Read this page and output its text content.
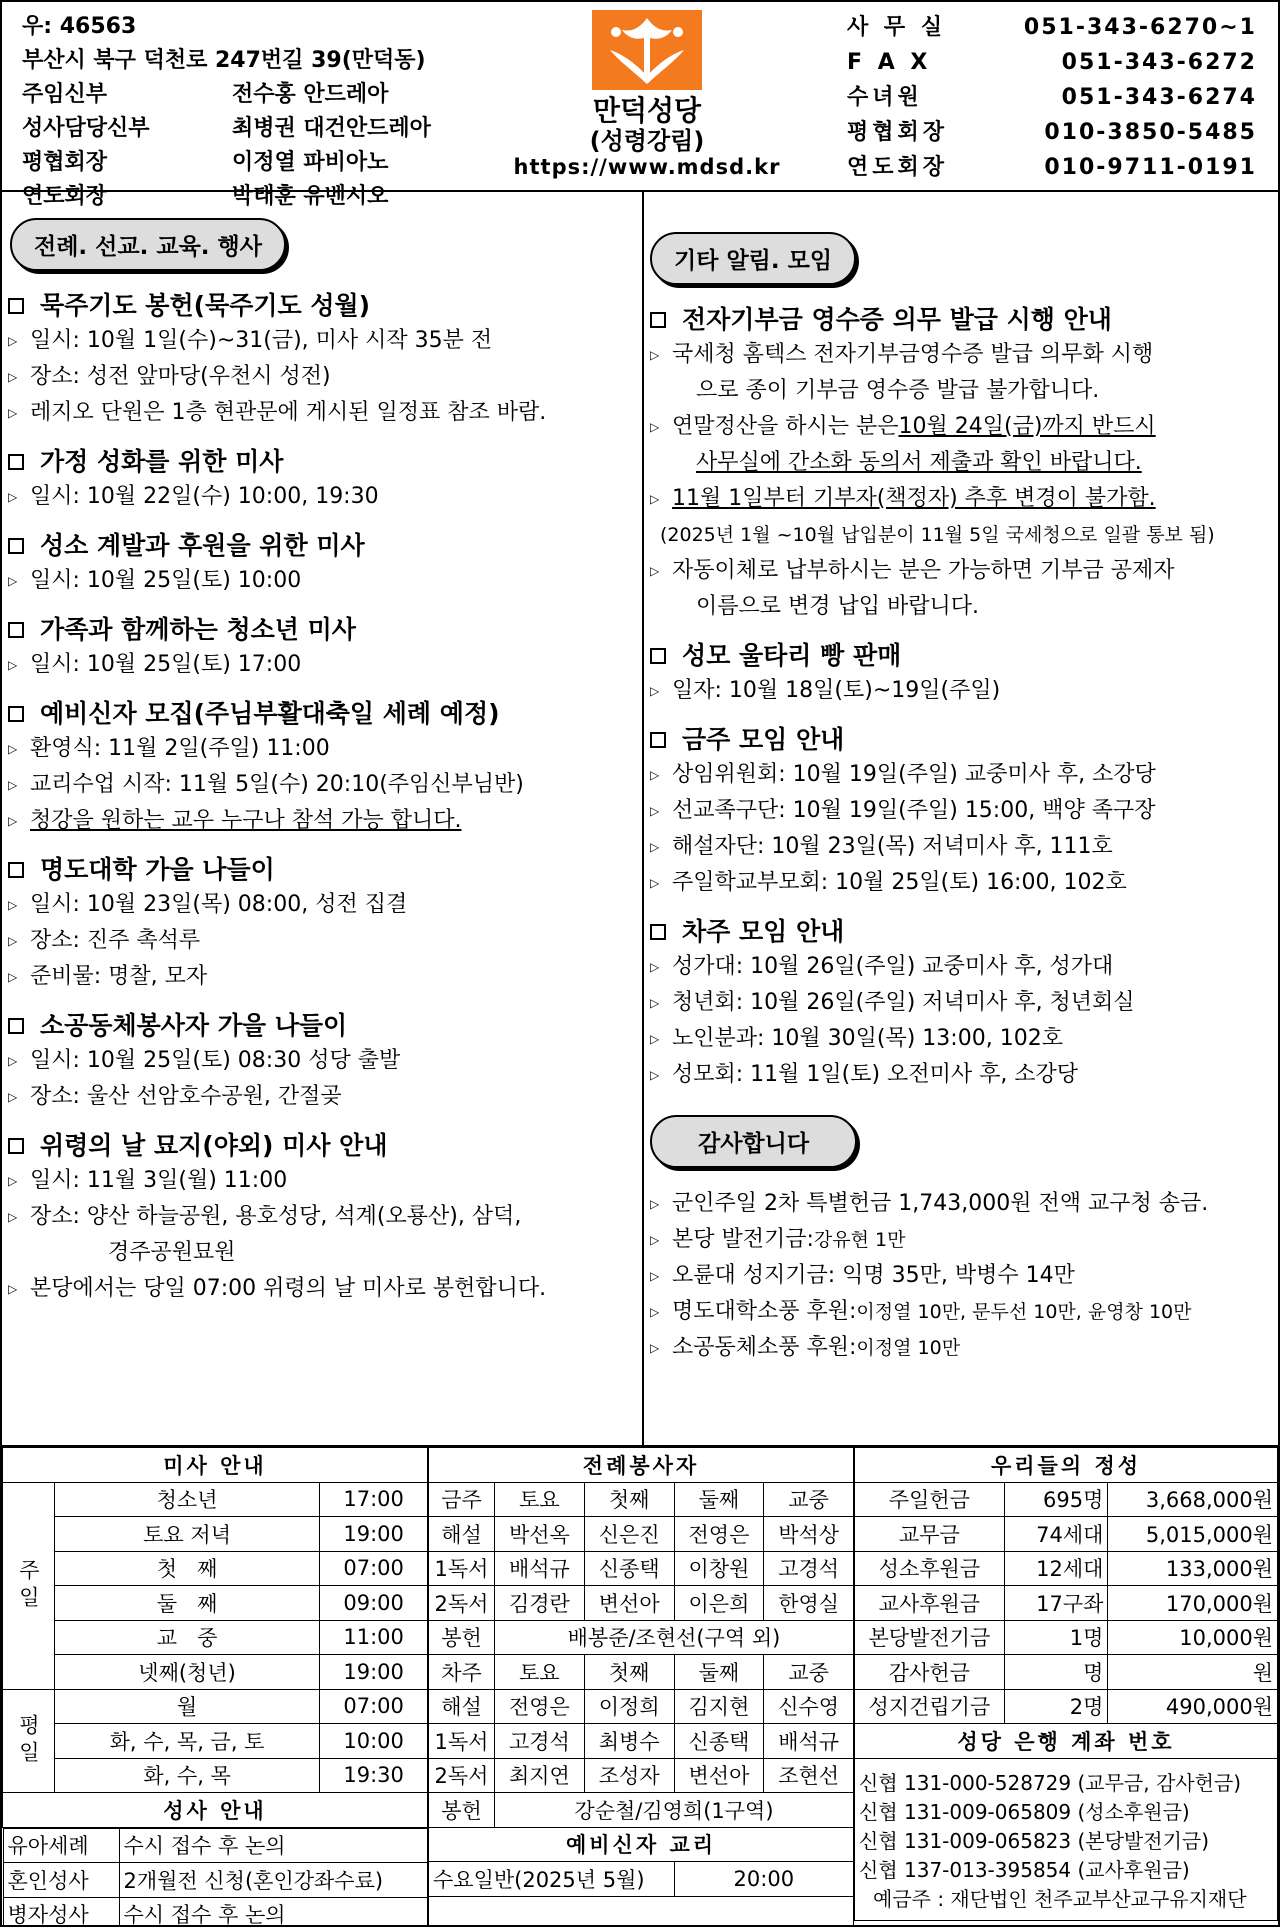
우: 46563
부산시 북구 덕천로 247번길 39(만덕동)
주임신부	전수홍 안드레아
성사담당신부	최병권 대건안드레아
평협회장	이정열 파비아노
연도회장	박태훈 유벤시오
만덕성당
(성령강림)
https://www.mdsd.kr
사 무 실	051-343-6270~1
F A X	051-343-6272
수녀원	051-343-6274
평협회장	010-3850-5485
연도회장	010-9711-0191
전례. 선교. 교육. 행사
묵주기도 봉헌(묵주기도 성월)
▷ 일시: 10월 1일(수)~31(금), 미사 시작 35분 전
▷ 장소: 성전 앞마당(우천시 성전)
▷ 레지오 단원은 1층 현관문에 게시된 일정표 참조 바람.
가정 성화를 위한 미사
▷ 일시: 10월 22일(수) 10:00, 19:30
성소 계발과 후원을 위한 미사
▷ 일시: 10월 25일(토) 10:00
가족과 함께하는 청소년 미사
▷ 일시: 10월 25일(토) 17:00
예비신자 모집(주님부활대축일 세례 예정)
▷ 환영식: 11월 2일(주일) 11:00
▷ 교리수업 시작: 11월 5일(수) 20:10(주임신부님반)
▷ 청강을 원하는 교우 누구나 참석 가능 합니다.
명도대학 가을 나들이
▷ 일시: 10월 23일(목) 08:00, 성전 집결
▷ 장소: 진주 촉석루
▷ 준비물: 명찰, 모자
소공동체봉사자 가을 나들이
▷ 일시: 10월 25일(토) 08:30 성당 출발
▷ 장소: 울산 선암호수공원, 간절곶
위령의 날 묘지(야외) 미사 안내
▷ 일시: 11월 3일(월) 11:00
▷ 장소: 양산 하늘공원, 용호성당, 석계(오룡산), 삼덕,
경주공원묘원
▷ 본당에서는 당일 07:00 위령의 날 미사로 봉헌합니다.
기타 알림. 모임
전자기부금 영수증 의무 발급 시행 안내
▷ 국세청 홈텍스 전자기부금영수증 발급 의무화 시행
으로 종이 기부금 영수증 발급 불가합니다.
▷ 연말정산을 하시는 분은 10월 24일(금)까지 반드시
사무실에 간소화 동의서 제출과 확인 바랍니다.
▷ 11월 1일부터 기부자(책정자) 추후 변경이 불가함.
(2025년 1월 ~10월 납입분이 11월 5일 국세청으로 일괄 통보 됨)
▷ 자동이체로 납부하시는 분은 가능하면 기부금 공제자
이름으로 변경 납입 바랍니다.
성모 울타리 빵 판매
▷ 일자: 10월 18일(토)~19일(주일)
금주 모임 안내
▷ 상임위원회: 10월 19일(주일) 교중미사 후, 소강당
▷ 선교족구단: 10월 19일(주일) 15:00, 백양 족구장
▷ 해설자단: 10월 23일(목) 저녁미사 후, 111호
▷ 주일학교부모회: 10월 25일(토) 16:00, 102호
차주 모임 안내
▷ 성가대: 10월 26일(주일) 교중미사 후, 성가대
▷ 청년회: 10월 26일(주일) 저녁미사 후, 청년회실
▷ 노인분과: 10월 30일(목) 13:00, 102호
▷ 성모회: 11월 1일(토) 오전미사 후, 소강당
감사합니다
▷ 군인주일 2차 특별헌금 1,743,000원 전액 교구청 송금.
▷ 본당 발전기금: 강유현 1만
▷ 오륜대 성지기금: 익명 35만, 박병수 14만
▷ 명도대학소풍 후원: 이정열 10만, 문두선 10만, 윤영창 10만
▷ 소공동체소풍 후원: 이정열 10만
미사 안내
주일	청소년	17:00
토요 저녁	19:00
첫   째	07:00
둘   째	09:00
교   중	11:00
넷째(청년)	19:00
평일	월	07:00
화, 수, 목, 금, 토	10:00
화, 수, 목	19:30
성사 안내

유아세례	수시 접수 후 논의
혼인성사	2개월전 신청(혼인강좌수료)
병자성사	수시 접수 후 논의
전례봉사자				
금주	토요	첫째	둘째	교중
해설	박선옥	신은진	전영은	박석상
1독서	배석규	신종택	이창원	고경석
2독서	김경란	변선아	이은희	한영실
봉헌	배봉준/조현선(구역 외)			
차주	토요	첫째	둘째	교중
해설	전영은	이정희	김지현	신수영
1독서	고경석	최병수	신종택	배석규
2독서	최지연	조성자	변선아	조현선
봉헌	강순철/김영희(1구역)			
예비신자 교리				
수요일반(2025년 5월)			20:00	

우리들의 정성		
주일헌금	695명	3,668,000원
교무금	74세대	5,015,000원
성소후원금	12세대	133,000원
교사후원금	17구좌	170,000원
본당발전기금	1명	10,000원
감사헌금	명	원
성지건립기금	2명	490,000원
성당 은행 계좌 번호		

신협 131-000-528729 (교무금, 감사헌금)
신협 131-009-065809 (성소후원금)
신협 131-009-065823 (본당발전기금)
신협 137-013-395854 (교사후원금)
예금주 : 재단법인 천주교부산교구유지재단		
